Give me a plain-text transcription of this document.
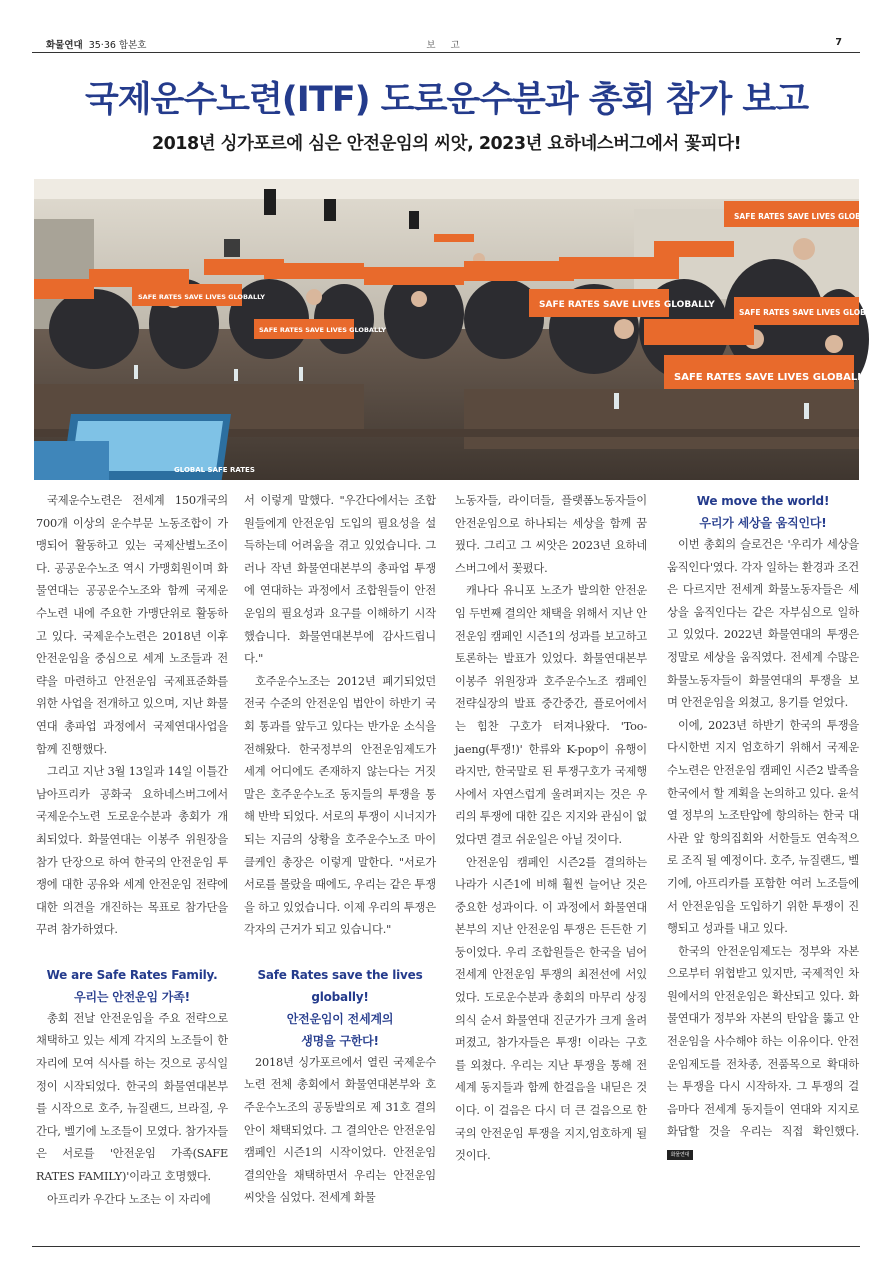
화물연대 35·36 합본호	보 고	7
국제운수노련(ITF) 도로운수분과 총회 참가 보고
2018년 싱가포르에 심은 안전운임의 씨앗, 2023년 요하네스버그에서 꽃피다!
SAFE RATES SAVE LIVES GLOBALLY
SAFE RATES SAVE LIVES GLOBALLY
SAFE RATES SAVE LIVES GLOBALLY
SAFE RATES SAVE LIVES GLOBALLY
SAFE RATES SAVE LIVES GLOBALLY
SAFE RATES SAVE LIVES GLOBALLY
GLOBAL SAFE RATES

국제운수노련은 전세계 150개국의 700개 이상의 운수부문 노동조합이 가맹되어 활동하고 있는 국제산별노조이다. 공공운수노조 역시 가맹회원이며 화물연대는 공공운수노조와 함께 국제운수노련 내에 주요한 가맹단위로 활동하고 있다. 국제운수노련은 2018년 이후 안전운임을 중심으로 세계 노조들과 전략을 마련하고 안전운임 국제표준화를 위한 사업을 전개하고 있으며, 지난 화물연대 총파업 과정에서 국제연대사업을 함께 진행했다.

그리고 지난 3월 13일과 14일 이틀간 남아프리카 공화국 요하네스버그에서 국제운수노련 도로운수분과 총회가 개최되었다. 화물연대는 이봉주 위원장을 참가 단장으로 하여 한국의 안전운임 투쟁에 대한 공유와 세계 안전운임 전략에 대한 의견을 개진하는 목표로 참가단을 꾸려 참가하였다.

We are Safe Rates Family.

우리는 안전운임 가족!

총회 전날 안전운임을 주요 전략으로 채택하고 있는 세계 각지의 노조들이 한자리에 모여 식사를 하는 것으로 공식일정이 시작되었다. 한국의 화물연대본부를 시작으로 호주, 뉴질랜드, 브라질, 우간다, 벨기에 노조들이 모였다. 참가자들은 서로를 '안전운임 가족(SAFE RATES FAMILY)'이라고 호명했다.

아프리카 우간다 노조는 이 자리에

서 이렇게 말했다. "우간다에서는 조합원들에게 안전운임 도입의 필요성을 설득하는데 어려움을 겪고 있었습니다. 그러나 작년 화물연대본부의 총파업 투쟁에 연대하는 과정에서 조합원들이 안전운임의 필요성과 요구를 이해하기 시작했습니다. 화물연대본부에 감사드립니다."

호주운수노조는 2012년 폐기되었던 전국 수준의 안전운임 법안이 하반기 국회 통과를 앞두고 있다는 반가운 소식을 전해왔다. 한국정부의 안전운임제도가 세계 어디에도 존재하지 않는다는 거짓말은 호주운수노조 동지들의 투쟁을 통해 반박 되었다. 서로의 투쟁이 시너지가 되는 지금의 상황을 호주운수노조 마이클케인 총장은 이렇게 말한다. "서로가 서로를 몰랐을 때에도, 우리는 같은 투쟁을 하고 있었습니다. 이제 우리의 투쟁은 각자의 근거가 되고 있습니다."

Safe Rates save the lives

globally!

안전운임이 전세계의

생명을 구한다!

2018년 싱가포르에서 열린 국제운수노련 전체 총회에서 화물연대본부와 호주운수노조의 공동발의로 제 31호 결의안이 채택되었다. 그 결의안은 안전운임 캠페인 시즌1의 시작이었다. 안전운임 결의안을 채택하면서 우리는 안전운임 씨앗을 심었다. 전세계 화물

노동자들, 라이더들, 플랫폼노동자들이 안전운임으로 하나되는 세상을 함께 꿈꿨다. 그리고 그 씨앗은 2023년 요하네스버그에서 꽃폈다.

캐나다 유니포 노조가 발의한 안전운임 두번째 결의안 채택을 위해서 지난 안전운임 캠페인 시즌1의 성과를 보고하고 토론하는 발표가 있었다. 화물연대본부 이봉주 위원장과 호주운수노조 캠페인 전략실장의 발표 중간중간, 플로어에서는 힘찬 구호가 터져나왔다. 'Too-jaeng(투쟁!)' 한류와 K-pop이 유행이라지만, 한국말로 된 투쟁구호가 국제행사에서 자연스럽게 울려퍼지는 것은 우리의 투쟁에 대한 깊은 지지와 관심이 없었다면 결코 쉬운일은 아닐 것이다.

안전운임 캠페인 시즌2를 결의하는 나라가 시즌1에 비해 훨씬 늘어난 것은 중요한 성과이다. 이 과정에서 화물연대본부의 지난 안전운임 투쟁은 든든한 기둥이었다. 우리 조합원들은 한국을 넘어 전세계 안전운임 투쟁의 최전선에 서있었다. 도로운수분과 총회의 마무리 상징의식 순서 화물연대 진군가가 크게 울려퍼졌고, 참가자들은 투쟁! 이라는 구호를 외쳤다. 우리는 지난 투쟁을 통해 전세계 동지들과 함께 한걸음을 내딛은 것이다. 이 걸음은 다시 더 큰 걸음으로 한국의 안전운임 투쟁을 지지,엄호하게 될 것이다.

We move the world!

우리가 세상을 움직인다!

이번 총회의 슬로건은 '우리가 세상을 움직인다'였다. 각자 일하는 환경과 조건은 다르지만 전세계 화물노동자들은 세상을 움직인다는 같은 자부심으로 일하고 있었다. 2022년 화물연대의 투쟁은 정말로 세상을 움직였다. 전세계 수많은 화물노동자들이 화물연대의 투쟁을 보며 안전운임을 외쳤고, 용기를 얻었다.

이에, 2023년 하반기 한국의 투쟁을 다시한번 지지 엄호하기 위해서 국제운수노련은 안전운임 캠페인 시즌2 발족을 한국에서 할 계획을 논의하고 있다. 윤석열 정부의 노조탄압에 항의하는 한국 대사관 앞 항의집회와 서한들도 연속적으로 조직 될 예정이다. 호주, 뉴질랜드, 벨기에, 아프리카를 포함한 여러 노조들에서 안전운임을 도입하기 위한 투쟁이 진행되고 성과를 내고 있다.

한국의 안전운임제도는 정부와 자본으로부터 위협받고 있지만, 국제적인 차원에서의 안전운임은 확산되고 있다. 화물연대가 정부와 자본의 탄압을 뚫고 안전운임을 사수해야 하는 이유이다. 안전운임제도를 전차종, 전품목으로 확대하는 투쟁을 다시 시작하자. 그 투쟁의 걸음마다 전세계 동지들이 연대와 지지로 화답할 것을 우리는 직접 확인했다. 화물연대
